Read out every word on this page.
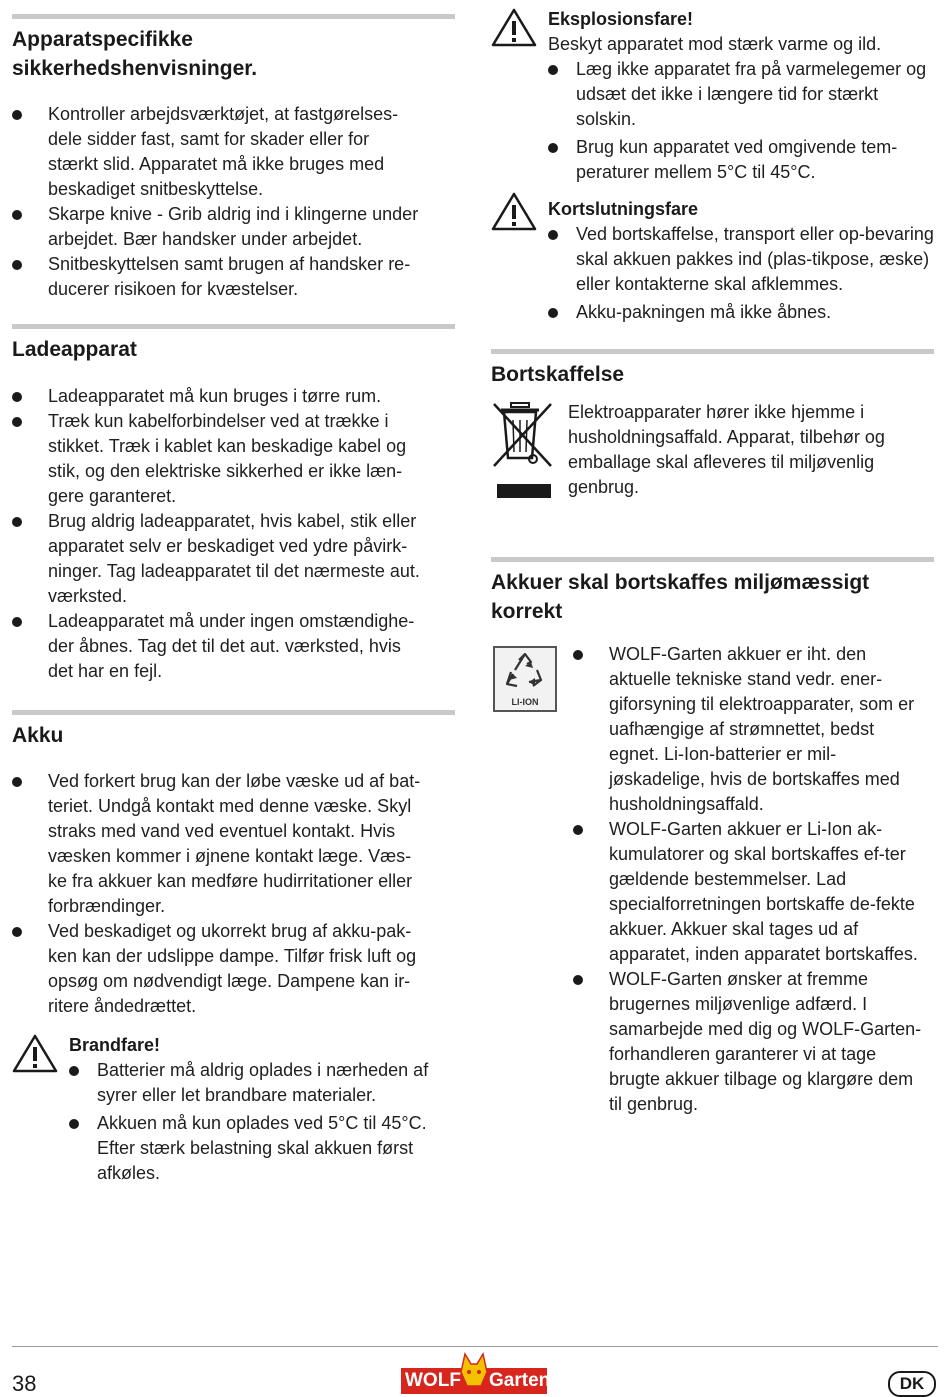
Apparatspecifikke sikkerhedshenvisninger.
Kontroller arbejdsværktøjet, at fastgørelses-dele sidder fast, samt for skader eller for stærkt slid. Apparatet må ikke bruges med beskadiget snitbeskyttelse.
Skarpe knive - Grib aldrig ind i klingerne under arbejdet. Bær handsker under arbejdet.
Snitbeskyttelsen samt brugen af handsker re-ducerer risikoen for kvæstelser.
Ladeapparat
Ladeapparatet må kun bruges i tørre rum.
Træk kun kabelforbindelser ved at trække i stikket. Træk i kablet kan beskadige kabel og stik, og den elektriske sikkerhed er ikke læn-gere garanteret.
Brug aldrig ladeapparatet, hvis kabel, stik eller apparatet selv er beskadiget ved ydre påvirk-ninger. Tag ladeapparatet til det nærmeste aut. værksted.
Ladeapparatet må under ingen omstændighe-der åbnes. Tag det til det aut. værksted, hvis det har en fejl.
Akku
Ved forkert brug kan der løbe væske ud af bat-teriet. Undgå kontakt med denne væske. Skyl straks med vand ved eventuel kontakt. Hvis væsken kommer i øjnene kontakt læge. Væs-ke fra akkuer kan medføre hudirritationer eller forbrændinger.
Ved beskadiget og ukorrekt brug af akku-pak-ken kan der udslippe dampe. Tilfør frisk luft og opsøg om nødvendigt læge. Dampene kan ir-ritere åndedrættet.
Brandfare!
Batterier må aldrig oplades i nærheden af syrer eller let brandbare materialer.
Akkuen må kun oplades ved 5°C til 45°C. Efter stærk belastning skal akkuen først afkøles.
Eksplosionsfare!
Beskyt apparatet mod stærk varme og ild.
Læg ikke apparatet fra på varmelegemer og udsæt det ikke i længere tid for stærkt solskin.
Brug kun apparatet ved omgivende tem-peraturer mellem 5°C til 45°C.
Kortslutningsfare
Ved bortskaffelse, transport eller op-bevaring skal akkuen pakkes ind (plas-tikpose, æske) eller kontakterne skal afklemmes.
Akku-pakningen må ikke åbnes.
Bortskaffelse
Elektroapparater hører ikke hjemme i husholdningsaffald. Apparat, tilbehør og emballage skal afleveres til miljøvenlig genbrug.
Akkuer skal bortskaffes miljømæssigt korrekt
LI-ION
WOLF-Garten akkuer er iht. den aktuelle tekniske stand vedr. ener-giforsyning til elektroapparater, som er uafhængige af strømnettet, bedst egnet. Li-Ion-batterier er mil-jøskadelige, hvis de bortskaffes med husholdningsaffald.
WOLF-Garten akkuer er Li-Ion ak-kumulatorer og skal bortskaffes ef-ter gældende bestemmelser. Lad specialforretningen bortskaffe de-fekte akkuer. Akkuer skal tages ud af apparatet, inden apparatet bortskaffes.
WOLF-Garten ønsker at fremme brugernes miljøvenlige adfærd. I samarbejde med dig og WOLF-Garten-forhandleren garanterer vi at tage brugte akkuer tilbage og klargøre dem til genbrug.
38	WOLF Garten	DK
